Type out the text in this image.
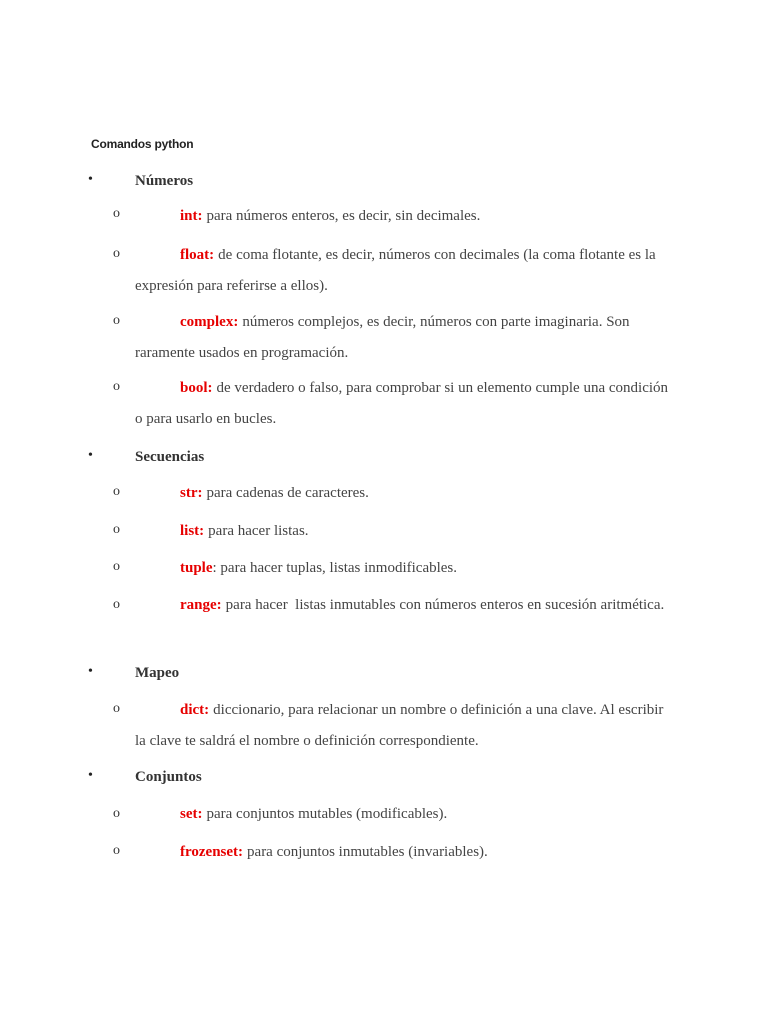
Comandos python
•	Números
o	int: para números enteros, es decir, sin decimales.
o	float: de coma flotante, es decir, números con decimales (la coma flotante es la expresión para referirse a ellos).
o	complex: números complejos, es decir, números con parte imaginaria. Son raramente usados en programación.
o	bool: de verdadero o falso, para comprobar si un elemento cumple una condición o para usarlo en bucles.
•	Secuencias
o	str: para cadenas de caracteres.
o	list: para hacer listas.
o	tuple: para hacer tuplas, listas inmodificables.
o	range: para hacer  listas inmutables con números enteros en sucesión aritmética.
•	Mapeo
o	dict: diccionario, para relacionar un nombre o definición a una clave. Al escribir la clave te saldrá el nombre o definición correspondiente.
•	Conjuntos
o	set: para conjuntos mutables (modificables).
o	frozenset: para conjuntos inmutables (invariables).
